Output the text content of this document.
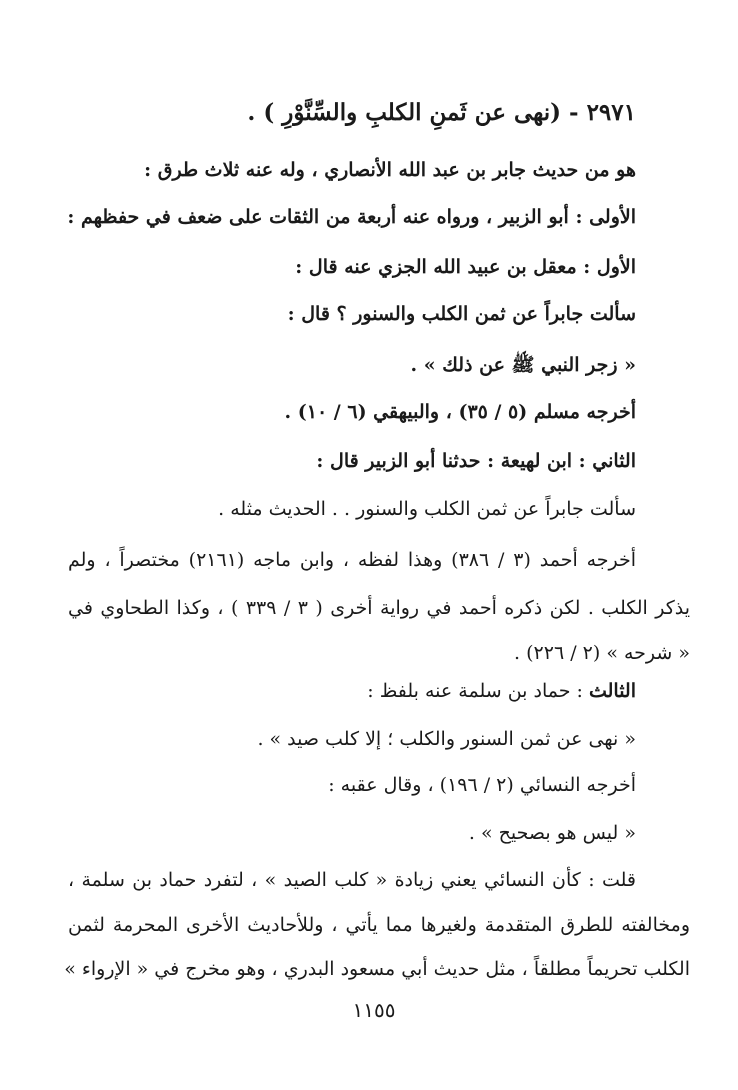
٢٩٧١ - (نهى عن ثَمنِ الكلبِ والسِّنَّوْرِ ) .
هو من حديث جابر بن عبد الله الأنصاري ، وله عنه ثلاث طرق :
الأولى : أبو الزبير ، ورواه عنه أربعة من الثقات على ضعف في حفظهم :
الأول : معقل بن عبيد الله الجزي عنه قال :
سألت جابراً عن ثمن الكلب والسنور ؟ قال :
« زجر النبي ﷺ عن ذلك » .
أخرجه مسلم (٥ / ٣٥) ، والبيهقي (٦ / ١٠) .
الثاني : ابن لهيعة : حدثنا أبو الزبير قال :
سألت جابراً عن ثمن الكلب والسنور . . الحديث مثله .
أخرجه أحمد (٣ / ٣٨٦) وهذا لفظه ، وابن ماجه (٢١٦١) مختصراً ، ولم
يذكر الكلب . لكن ذكره أحمد في رواية أخرى ( ٣ / ٣٣٩ ) ، وكذا الطحاوي في
« شرحه » (٢ / ٢٢٦) .
الثالث : حماد بن سلمة عنه بلفظ :
« نهى عن ثمن السنور والكلب ؛ إلا كلب صيد » .
أخرجه النسائي (٢ / ١٩٦) ، وقال عقبه :
« ليس هو بصحيح » .
قلت : كأن النسائي يعني زيادة « كلب الصيد » ، لتفرد حماد بن سلمة ،
ومخالفته للطرق المتقدمة ولغيرها مما يأتي ، وللأحاديث الأخرى المحرمة لثمن
الكلب تحريماً مطلقاً ، مثل حديث أبي مسعود البدري ، وهو مخرج في « الإرواء »
١١٥٥
